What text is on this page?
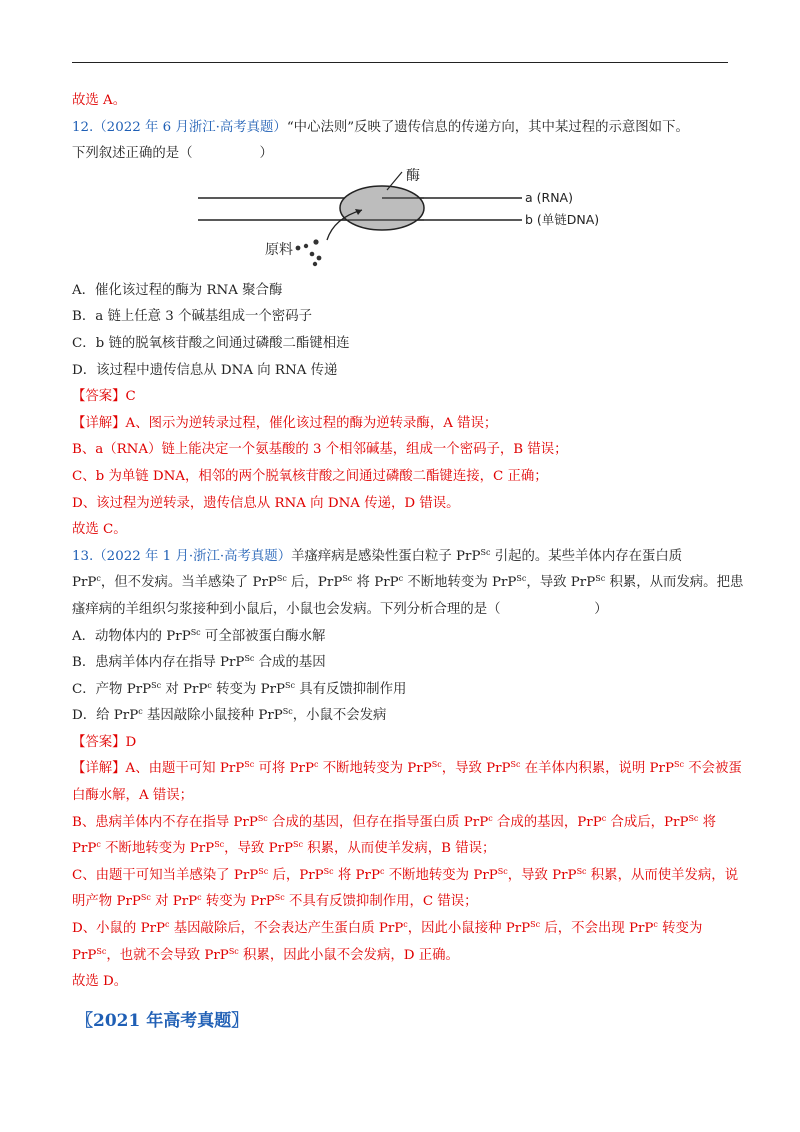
故选 A。
12.（2022 年 6 月浙江·高考真题）“中心法则”反映了遗传信息的传递方向，其中某过程的示意图如下。
下列叙述正确的是（　　　　　）
酶
a (RNA)
b (单链DNA)
原料
A．催化该过程的酶为 RNA 聚合酶
B．a 链上任意 3 个碱基组成一个密码子
C．b 链的脱氧核苷酸之间通过磷酸二酯键相连
D．该过程中遗传信息从 DNA 向 RNA 传递
【答案】C
【详解】A、图示为逆转录过程，催化该过程的酶为逆转录酶，A 错误；
B、a（RNA）链上能决定一个氨基酸的 3 个相邻碱基，组成一个密码子，B 错误；
C、b 为单链 DNA，相邻的两个脱氧核苷酸之间通过磷酸二酯键连接，C 正确；
D、该过程为逆转录，遗传信息从 RNA 向 DNA 传递，D 错误。
故选 C。
13.（2022 年 1 月·浙江·高考真题）羊瘙痒病是感染性蛋白粒子 PrP$^{Sc}$ 引起的。某些羊体内存在蛋白质
PrP$^c$，但不发病。当羊感染了 PrP$^{Sc}$ 后，PrP$^{Sc}$ 将 PrP$^c$ 不断地转变为 PrP$^{Sc}$，导致 PrP$^{Sc}$ 积累，从而发病。把患
瘙痒病的羊组织匀浆接种到小鼠后，小鼠也会发病。下列分析合理的是（　　　　　　　）
A．动物体内的 PrP$^{Sc}$ 可全部被蛋白酶水解
B．患病羊体内存在指导 PrP$^{Sc}$ 合成的基因
C．产物 PrP$^{Sc}$ 对 PrP$^c$ 转变为 PrP$^{Sc}$ 具有反馈抑制作用
D．给 PrP$^c$ 基因敲除小鼠接种 PrP$^{Sc}$，小鼠不会发病
【答案】D
【详解】A、由题干可知 PrP$^{Sc}$ 可将 PrP$^c$ 不断地转变为 PrP$^{Sc}$，导致 PrP$^{Sc}$ 在羊体内积累，说明 PrP$^{Sc}$ 不会被蛋
白酶水解，A 错误；
B、患病羊体内不存在指导 PrP$^{Sc}$ 合成的基因，但存在指导蛋白质 PrP$^c$ 合成的基因，PrP$^c$ 合成后，PrP$^{Sc}$ 将
PrP$^c$ 不断地转变为 PrP$^{Sc}$，导致 PrP$^{Sc}$ 积累，从而使羊发病，B 错误；
C、由题干可知当羊感染了 PrP$^{Sc}$ 后，PrP$^{Sc}$ 将 PrP$^c$ 不断地转变为 PrP$^{Sc}$，导致 PrP$^{Sc}$ 积累，从而使羊发病，说
明产物 PrP$^{Sc}$ 对 PrP$^c$ 转变为 PrP$^{Sc}$ 不具有反馈抑制作用，C 错误；
D、小鼠的 PrP$^c$ 基因敲除后，不会表达产生蛋白质 PrP$^c$，因此小鼠接种 PrP$^{Sc}$ 后，不会出现 PrP$^c$ 转变为
PrP$^{Sc}$，也就不会导致 PrP$^{Sc}$ 积累，因此小鼠不会发病，D 正确。
故选 D。
〖2021 年高考真题〗
